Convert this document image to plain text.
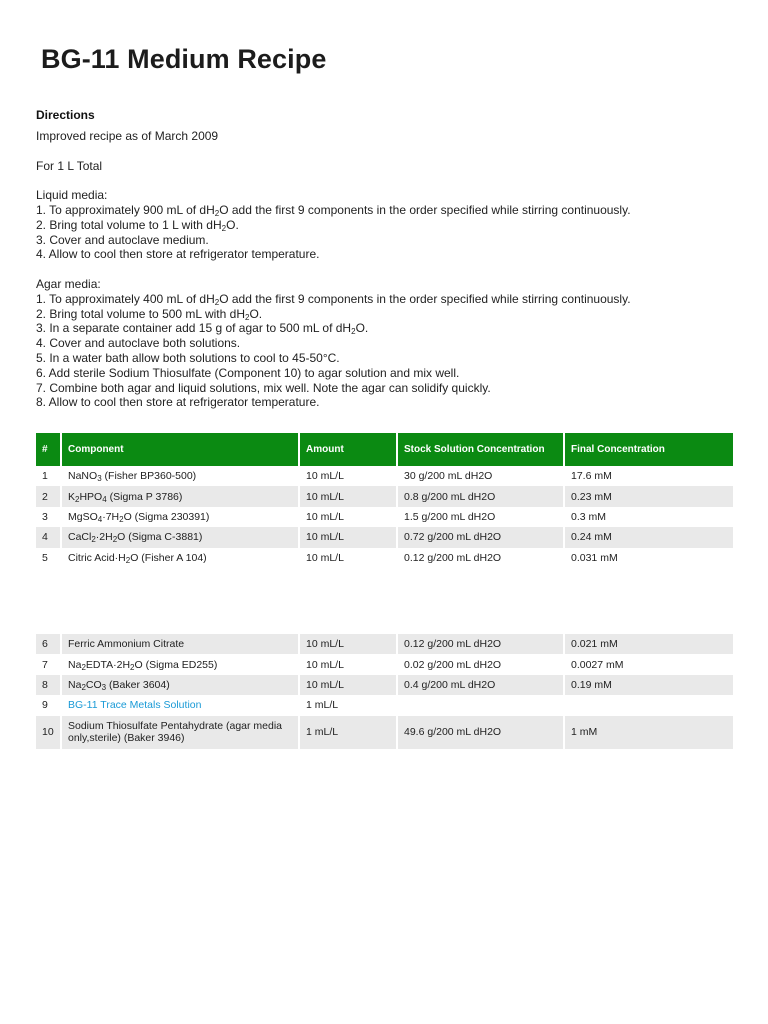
BG-11 Medium Recipe
Directions
Improved recipe as of March 2009
For 1 L Total
Liquid media:
1. To approximately 900 mL of $dH_2O$ add the first 9 components in the order specified while stirring continuously.
2. Bring total volume to 1 L with $dH_2O$.
3. Cover and autoclave medium.
4. Allow to cool then store at refrigerator temperature.
Agar media:
1. To approximately 400 mL of $dH_2O$ add the first 9 components in the order specified while stirring continuously.
2. Bring total volume to 500 mL with $dH_2O$.
3. In a separate container add 15 g of agar to 500 mL of $dH_2O$.
4. Cover and autoclave both solutions.
5. In a water bath allow both solutions to cool to 45-50°C.
6. Add sterile Sodium Thiosulfate (Component 10) to agar solution and mix well.
7. Combine both agar and liquid solutions, mix well. Note the agar can solidify quickly.
8. Allow to cool then store at refrigerator temperature.
#	Component	Amount	Stock Solution Concentration	Final Concentration
1	NaNO$_3$ (Fisher BP360-500)	10 mL/L	30 g/200 mL dH2O	17.6 mM
2	$K_2HPO_4$ (Sigma P 3786)	10 mL/L	0.8 g/200 mL dH2O	0.23 mM
3	$MgSO_4\cdot 7H_2O$ (Sigma 230391)	10 mL/L	1.5 g/200 mL dH2O	0.3 mM
4	$CaCl_2\cdot 2H_2O$ (Sigma C-3881)	10 mL/L	0.72 g/200 mL dH2O	0.24 mM
5	Citric $Acid\cdot H_2O$ (Fisher A 104)	10 mL/L	0.12 g/200 mL dH2O	0.031 mM

6	Ferric Ammonium Citrate	10 mL/L	0.12 g/200 mL dH2O	0.021 mM
7	$Na_2EDTA\cdot 2H_2O$ (Sigma ED255)	10 mL/L	0.02 g/200 mL dH2O	0.0027 mM
8	$Na_2CO_3$ (Baker 3604)	10 mL/L	0.4 g/200 mL dH2O	0.19 mM
9	BG-11 Trace Metals Solution	1 mL/L		
10	Sodium Thiosulfate Pentahydrate (agar media only,sterile) (Baker 3946)	1 mL/L	49.6 g/200 mL dH2O	1 mM
